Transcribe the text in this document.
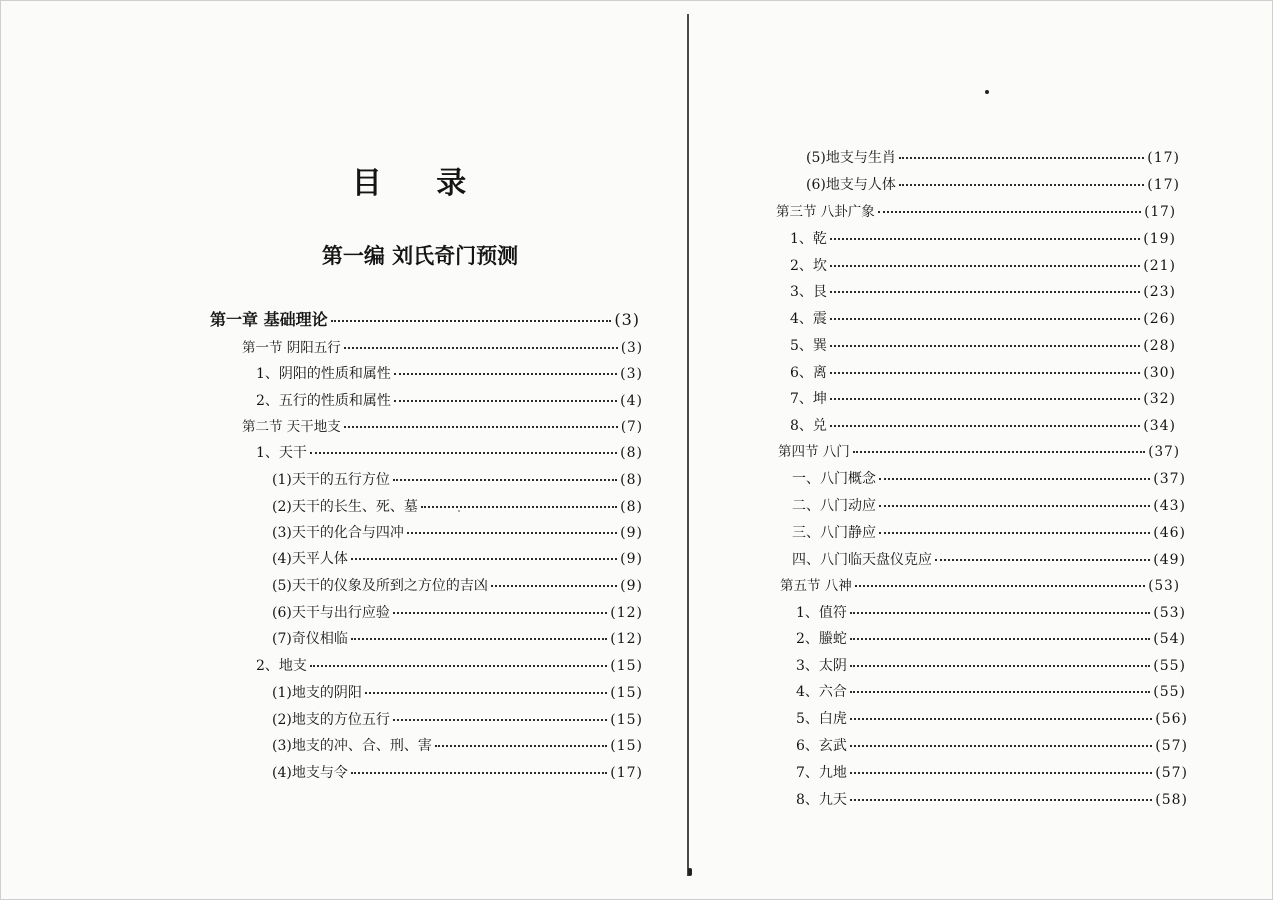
目 录
第一编 刘氏奇门预测
第一章 基础理论	(3)
第一节 阴阳五行	(3)
1、阴阳的性质和属性	(3)
2、五行的性质和属性	(4)
第二节 天干地支	(7)
1、天干	(8)
(1)天干的五行方位	(8)
(2)天干的长生、死、墓	(8)
(3)天干的化合与四冲	(9)
(4)天平人体	(9)
(5)天干的仪象及所到之方位的吉凶	(9)
(6)天干与出行应验	(12)
(7)奇仪相临	(12)
2、地支	(15)
(1)地支的阴阳	(15)
(2)地支的方位五行	(15)
(3)地支的冲、合、刑、害	(15)
(4)地支与令	(17)
(5)地支与生肖	(17)
(6)地支与人体	(17)
第三节 八卦广象	(17)
1、乾	(19)
2、坎	(21)
3、艮	(23)
4、震	(26)
5、巽	(28)
6、离	(30)
7、坤	(32)
8、兑	(34)
第四节 八门	(37)
一、八门概念	(37)
二、八门动应	(43)
三、八门静应	(46)
四、八门临天盘仪克应	(49)
第五节 八神	(53)
1、值符	(53)
2、螣蛇	(54)
3、太阴	(55)
4、六合	(55)
5、白虎	(56)
6、玄武	(57)
7、九地	(57)
8、九天	(58)
